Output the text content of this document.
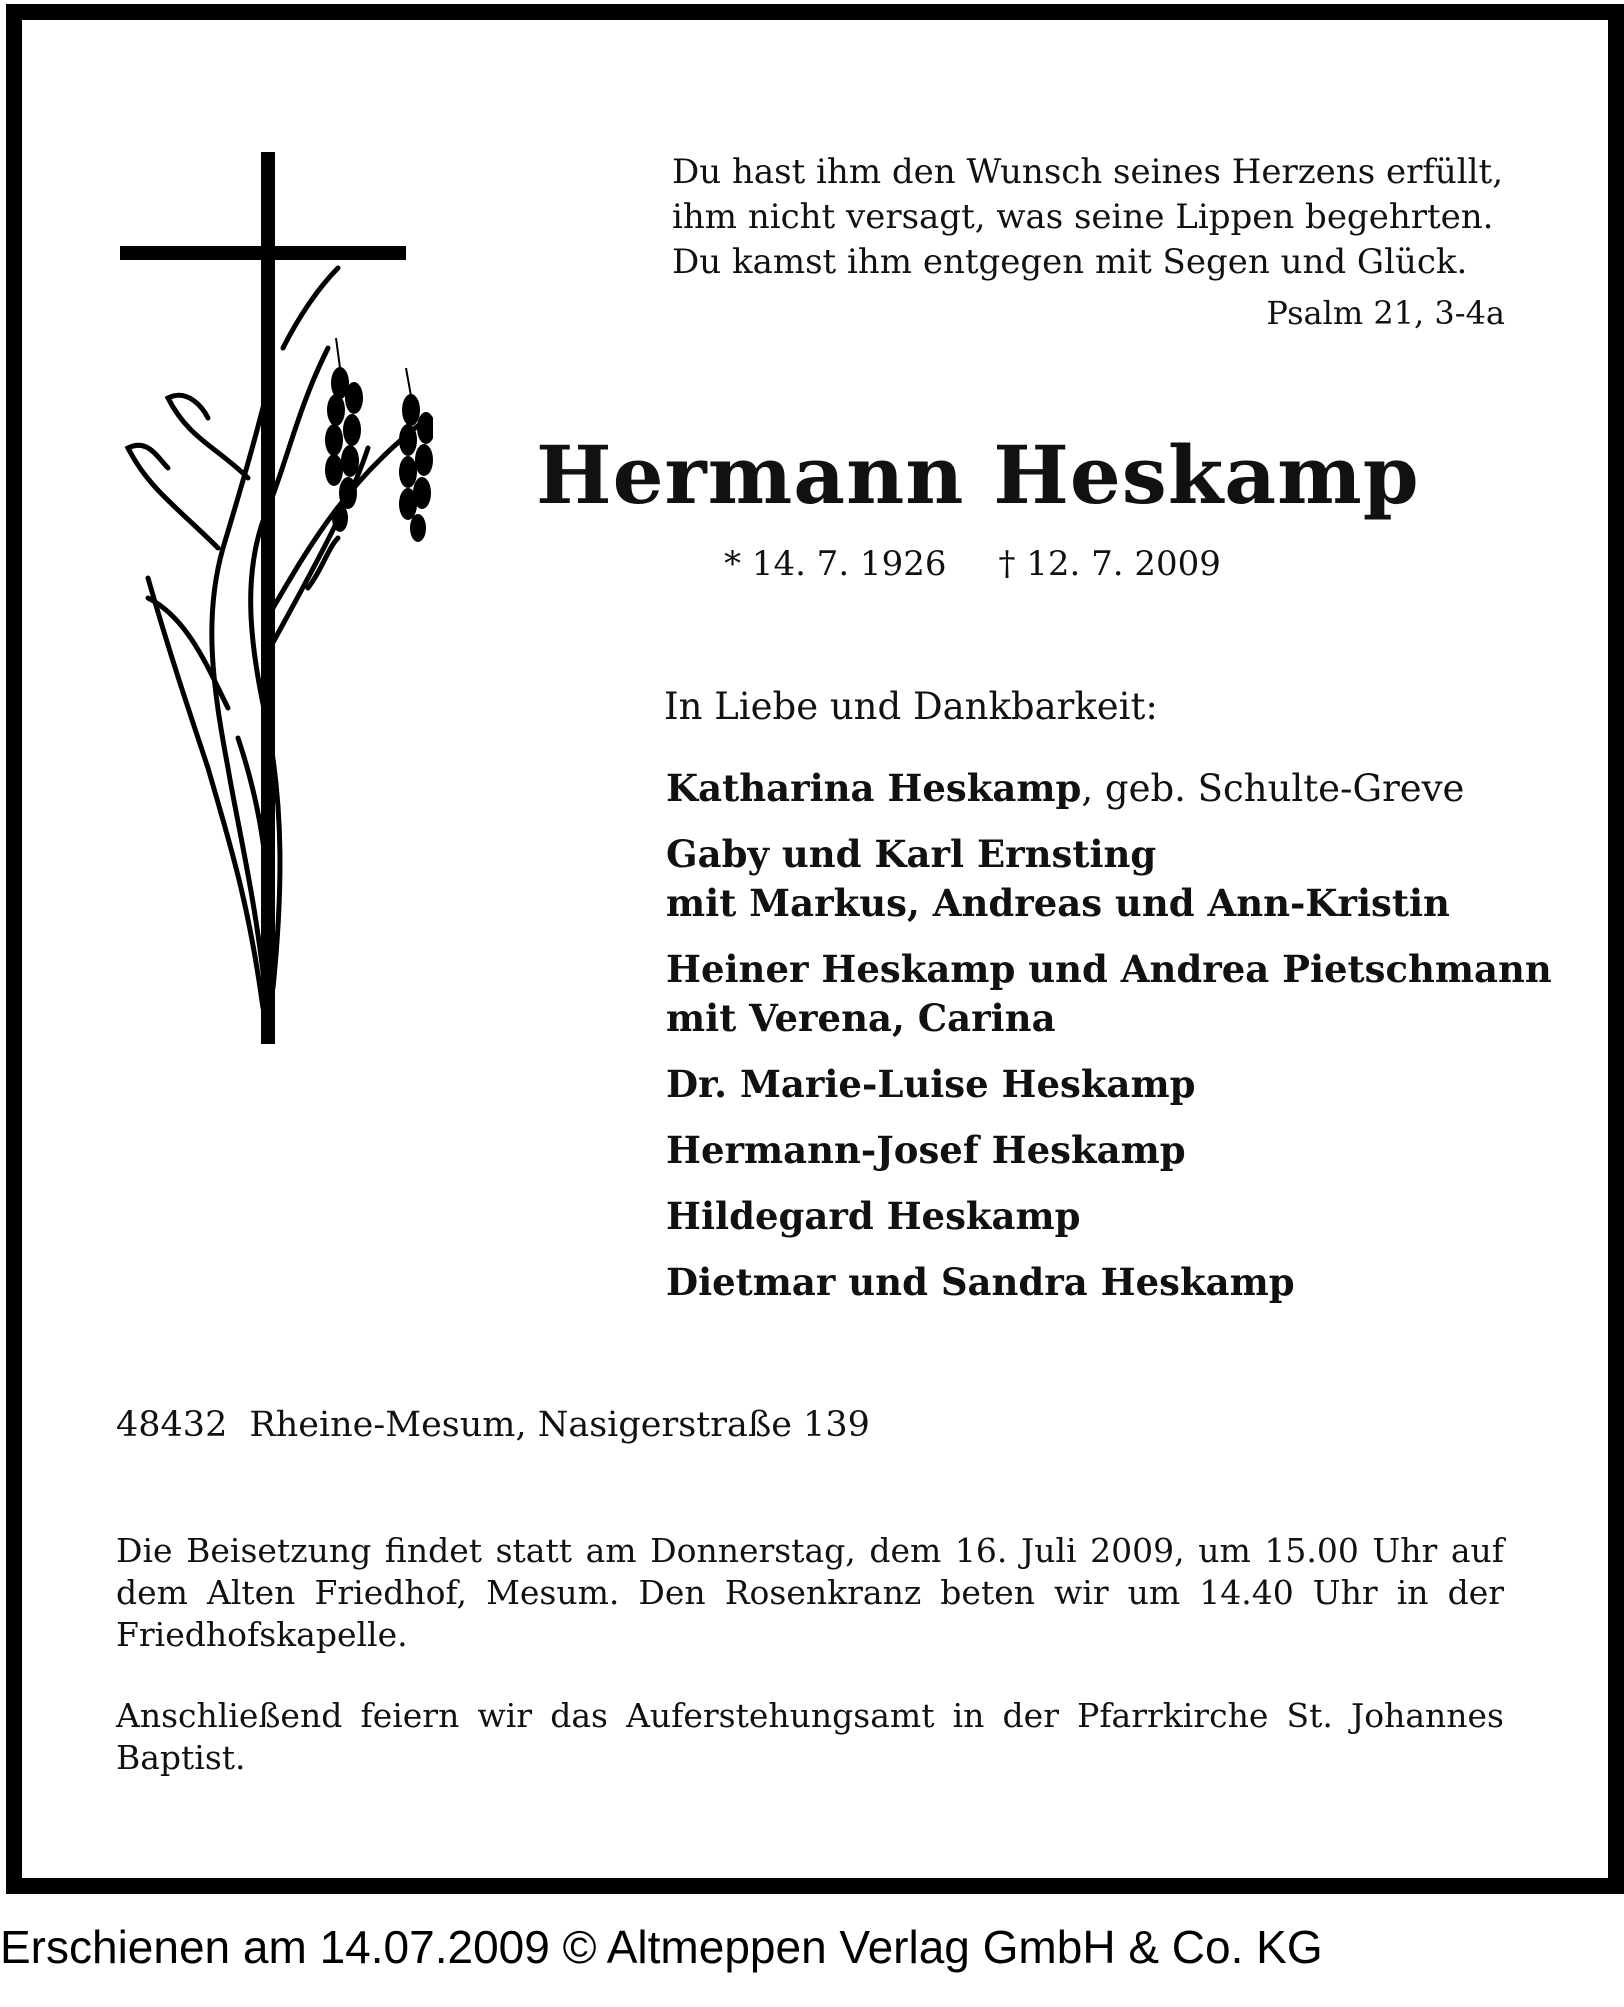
Du hast ihm den Wunsch seines Herzens erfüllt,
ihm nicht versagt, was seine Lippen begehrten.
Du kamst ihm entgegen mit Segen und Glück.
Psalm 21, 3-4a
Hermann Heskamp
* 14. 7. 1926 † 12. 7. 2009
In Liebe und Dankbarkeit:
Katharina Heskamp, geb. Schulte-Greve
Gaby und Karl Ernsting
mit Markus, Andreas und Ann-Kristin
Heiner Heskamp und Andrea Pietschmann
mit Verena, Carina
Dr. Marie-Luise Heskamp
Hermann-Josef Heskamp
Hildegard Heskamp
Dietmar und Sandra Heskamp
48432 Rheine-Mesum, Nasigerstraße 139
Die Beisetzung findet statt am Donnerstag, dem 16. Juli 2009, um 15.00 Uhr auf dem Alten Friedhof, Mesum. Den Rosenkranz beten wir um 14.40 Uhr in der Friedhofskapelle.
Anschließend feiern wir das Auferstehungsamt in der Pfarrkirche St. Johannes Baptist.
Erschienen am 14.07.2009 © Altmeppen Verlag GmbH & Co. KG
